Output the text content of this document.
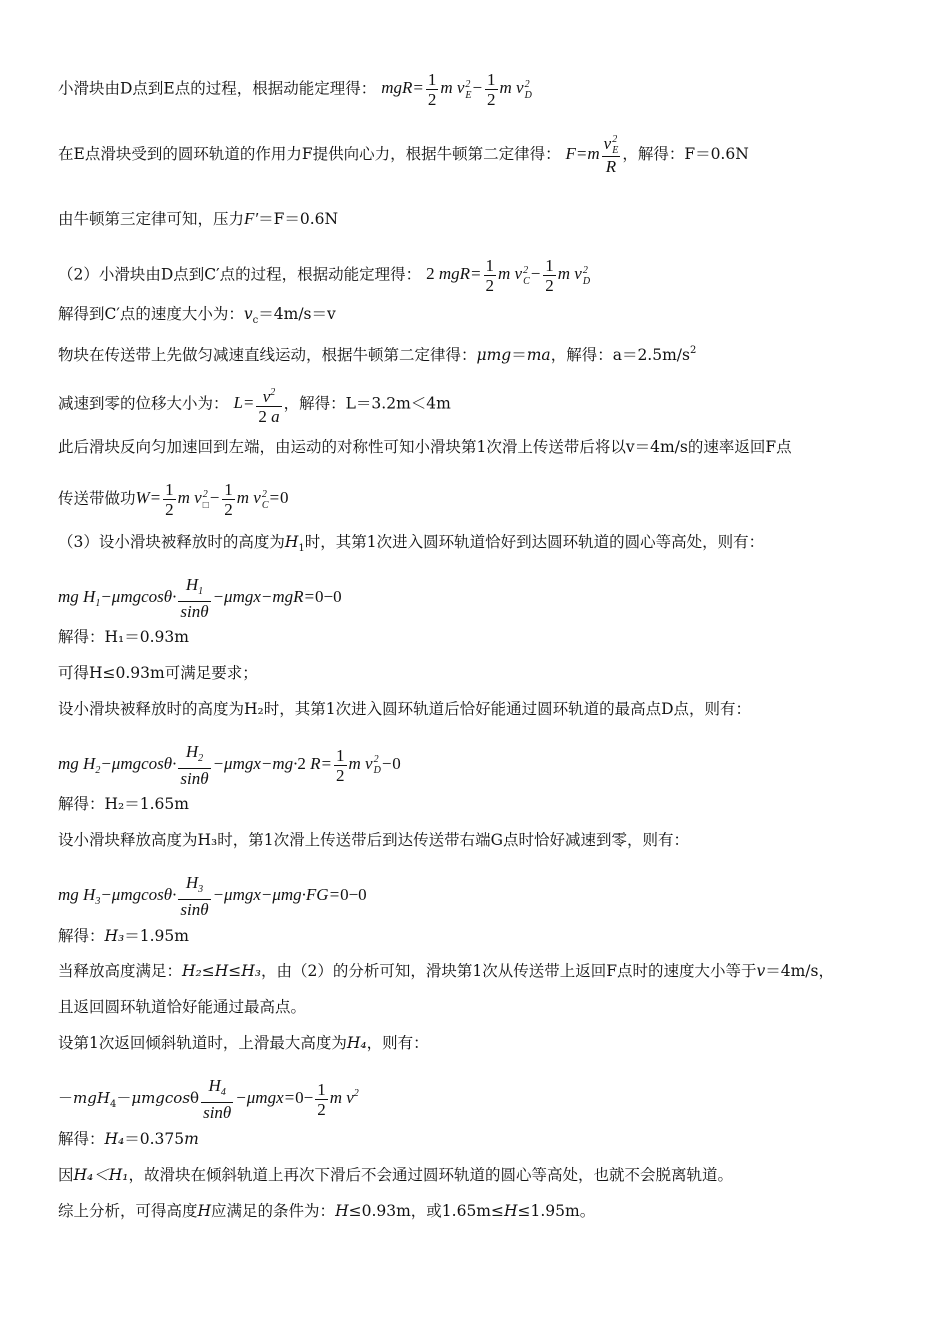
小滑块由D点到E点的过程，根据动能定理得： $mgR= \frac{1}{2}$ m v 2
$E - \frac{1}{2}$ m v 2
D
在E点滑块受到的圆环轨道的作用力F提供向心力，根据牛顿第二定律得： F=m v 2
E
R ，解得：F＝0.6N
由牛顿第三定律可知，压力F′＝F＝0.6N
（2）小滑块由D点到C′点的过程，根据动能定理得： 2 $mgR= \frac{1}{2}$ m v 2
$C - \frac{1}{2}$ m v 2
D
解得到C′点的速度大小为：$v_c=4m/s=v$
物块在传送带上先做匀减速直线运动，根据牛顿第二定律得：μmg＝ma，解得：$a=2.5m/s^2$
减速到零的位移大小为： $L= \frac{v^2}{2 a}$ ，解得：L＝3.2m＜4m
此后滑块反向匀加速回到左端，由运动的对称性可知小滑块第1次滑上传送带后将以v＝4m/s的速率返回F点
传送带做功$W= \frac{1}{2}$ m v 2
□ − $\frac{1}{2}$ m v 2
C =0
（3）设小滑块被释放时的高度为$H_1$时，其第1次进入圆环轨道恰好到达圆环轨道的圆心等高处，则有：
mg $H_1-\mu mgcos\theta\cdot \frac{H_1}{\sin\theta} -\mu mgx-mgR=0-0$
解得：H₁＝0.93m
可得H≤0.93m可满足要求；
设小滑块被释放时的高度为H₂时，其第1次进入圆环轨道后恰好能通过圆环轨道的最高点D点，则有：
mg $H_2-\mu mgcos\theta\cdot \frac{H_2}{\sin\theta} -\mu mgx-mg\cdot 2$ $R= \frac{1}{2}$ m v 2
D −0
解得：H₂＝1.65m
设小滑块释放高度为H₃时，第1次滑上传送带后到达传送带右端G点时恰好减速到零，则有：
mg $H_3-\mu mgcos\theta\cdot \frac{H_3}{\sin\theta} -\mu mgx-\mu mg\cdot FG=0-0$
解得：H₃＝1.95m
当释放高度满足：H₂≤H≤H₃，由（2）的分析可知，滑块第1次从传送带上返回F点时的速度大小等于v＝4m/s，
且返回圆环轨道恰好能通过最高点。
设第1次返回倾斜轨道时，上滑最大高度为H₄，则有：
$-mgH_4-\mu mgcos\theta \frac{H_4}{\sin\theta} -\mu mgx=0- \frac{1}{2}$ m $v^2$
解得：H₄＝0.375m
因H₄＜H₁，故滑块在倾斜轨道上再次下滑后不会通过圆环轨道的圆心等高处，也就不会脱离轨道。
综上分析，可得高度H应满足的条件为：H≤0.93m，或1.65m≤H≤1.95m。
